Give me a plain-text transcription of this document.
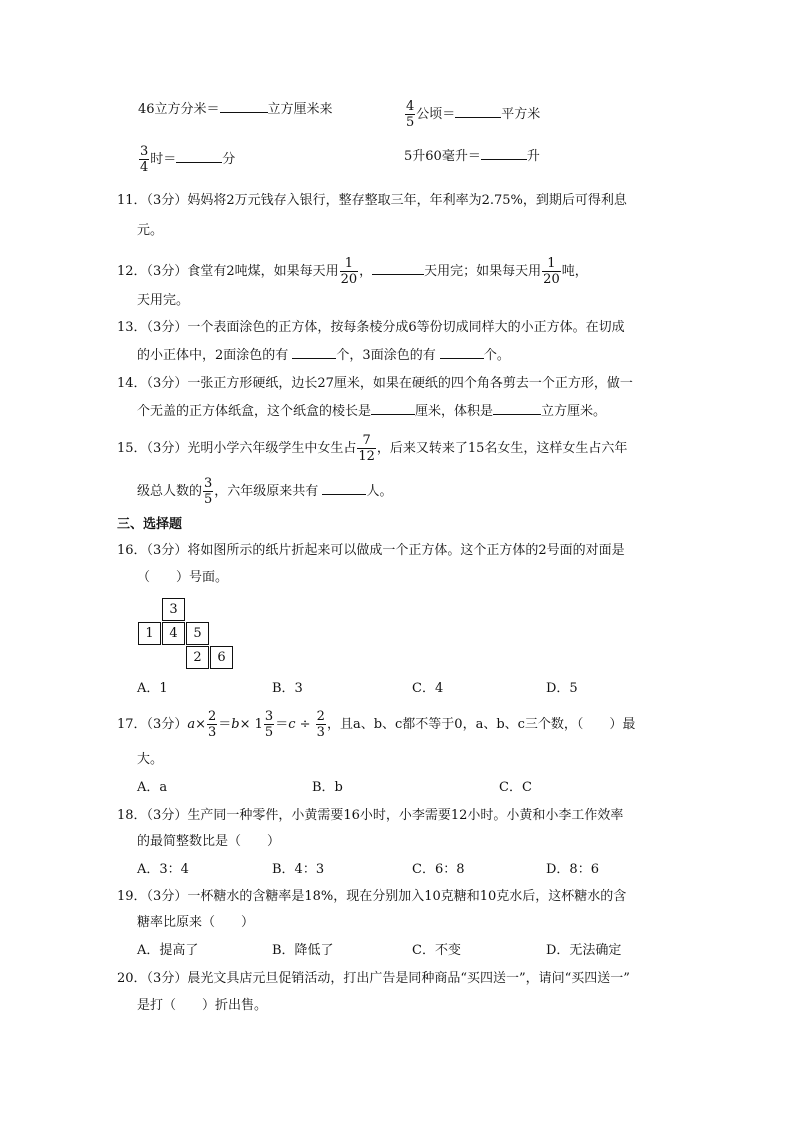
46立方分米＝	立方厘米来	$\frac{4}{5}$ 公顷＝	平方米
$\frac{3}{4}$ 时＝	分	5升60毫升＝	升
11．（3分）妈妈将2万元钱存入银行，整存整取三年，年利率为2.75%，到期后可得利息
元。
12．（3分）食堂有2吨煤，如果每天用 $\frac{1}{20}$ ，	天用完；如果每天用 $\frac{1}{20}$ 吨，
天用完。
13．（3分）一个表面涂色的正方体，按每条棱分成6等份切成同样大的小正方体。在切成
的小正体中，2面涂色的有	个，3面涂色的有	个。
14．（3分）一张正方形硬纸，边长27厘米，如果在硬纸的四个角各剪去一个正方形，做一
个无盖的正方体纸盒，这个纸盒的棱长是	厘米，体积是	立方厘米。
15．（3分）光明小学六年级学生中女生占 $\frac{7}{12}$ ，后来又转来了15名女生，这样女生占六年
级总人数的 $\frac{3}{5}$ ，六年级原来共有	人。
三、选择题
16．（3分）将如图所示的纸片折起来可以做成一个正方体。这个正方体的2号面的对面是
（　　）号面。
3
1	4	5
2	6
A．1	B．3	C．4	D．5
17．（3分）$a\times \frac{2}{3} =b\times 1 \frac{3}{5} =c \div \frac{2}{3}$ ，且a、b、c都不等于0，a、b、c三个数，（　　）最
大。
A．a	B．b	C．C
18．（3分）生产同一种零件，小黄需要16小时，小李需要12小时。小黄和小李工作效率
的最简整数比是（　　）
A．3：4	B．4：3	C．6：8	D．8：6
19．（3分）一杯糖水的含糖率是18%，现在分别加入10克糖和10克水后，这杯糖水的含
糖率比原来（　　）
A．提高了	B．降低了	C．不变	D．无法确定
20．（3分）晨光文具店元旦促销活动，打出广告是同种商品“买四送一”，请问“买四送一”
是打（　　）折出售。
